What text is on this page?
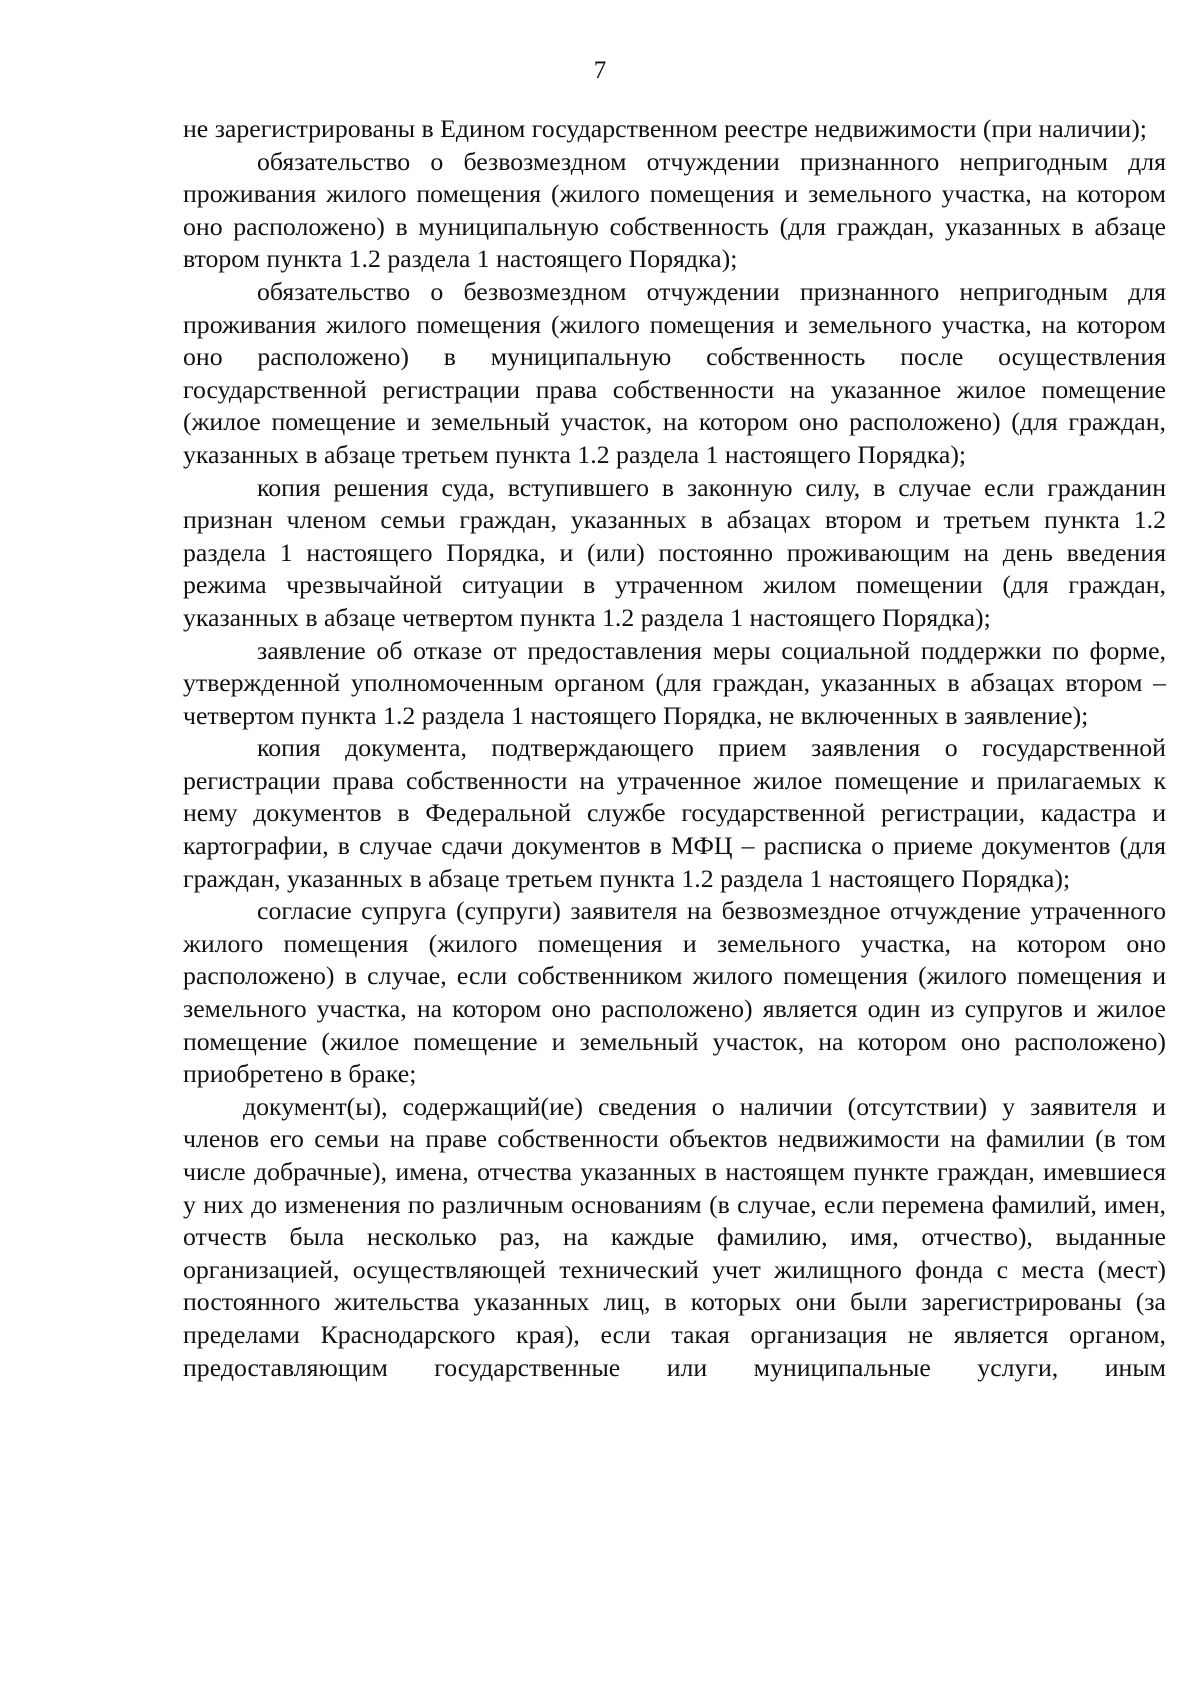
7

не зарегистрированы в Едином государственном реестре недвижимости (при наличии);

обязательство о безвозмездном отчуждении признанного непригодным для проживания жилого помещения (жилого помещения и земельного участка, на котором оно расположено) в муниципальную собственность (для граждан, указанных в абзаце втором пункта 1.2 раздела 1 настоящего Порядка);

обязательство о безвозмездном отчуждении признанного непригодным для проживания жилого помещения (жилого помещения и земельного участка, на котором оно расположено) в муниципальную собственность после осуществления государственной регистрации права собственности на указанное жилое помещение (жилое помещение и земельный участок, на котором оно расположено) (для граждан, указанных в абзаце третьем пункта 1.2 раздела 1 настоящего Порядка);

копия решения суда, вступившего в законную силу, в случае если гражданин признан членом семьи граждан, указанных в абзацах втором и третьем пункта 1.2 раздела 1 настоящего Порядка, и (или) постоянно проживающим на день введения режима чрезвычайной ситуации в утраченном жилом помещении (для граждан, указанных в абзаце четвертом пункта 1.2 раздела 1 настоящего Порядка);

заявление об отказе от предоставления меры социальной поддержки по форме, утвержденной уполномоченным органом (для граждан, указанных в абзацах втором – четвертом пункта 1.2 раздела 1 настоящего Порядка, не включенных в заявление);

копия документа, подтверждающего прием заявления о государственной регистрации права собственности на утраченное жилое помещение и прилагаемых к нему документов в Федеральной службе государственной регистрации, кадастра и картографии, в случае сдачи документов в МФЦ – расписка о приеме документов (для граждан, указанных в абзаце третьем пункта 1.2 раздела 1 настоящего Порядка);

согласие супруга (супруги) заявителя на безвозмездное отчуждение утраченного жилого помещения (жилого помещения и земельного участка, на котором оно расположено) в случае, если собственником жилого помещения (жилого помещения и земельного участка, на котором оно расположено) является один из супругов и жилое помещение (жилое помещение и земельный участок, на котором оно расположено) приобретено в браке;

документ(ы), содержащий(ие) сведения о наличии (отсутствии) у заявителя и членов его семьи на праве собственности объектов недвижимости на фамилии (в том числе добрачные), имена, отчества указанных в настоящем пункте граждан, имевшиеся у них до изменения по различным основаниям (в случае, если перемена фамилий, имен, отчеств была несколько раз, на каждые фамилию, имя, отчество), выданные организацией, осуществляющей технический учет жилищного фонда с места (мест) постоянного жительства указанных лиц, в которых они были зарегистрированы (за пределами Краснодарского края), если такая организация не является органом, предоставляющим государственные или муниципальные услуги, иным
